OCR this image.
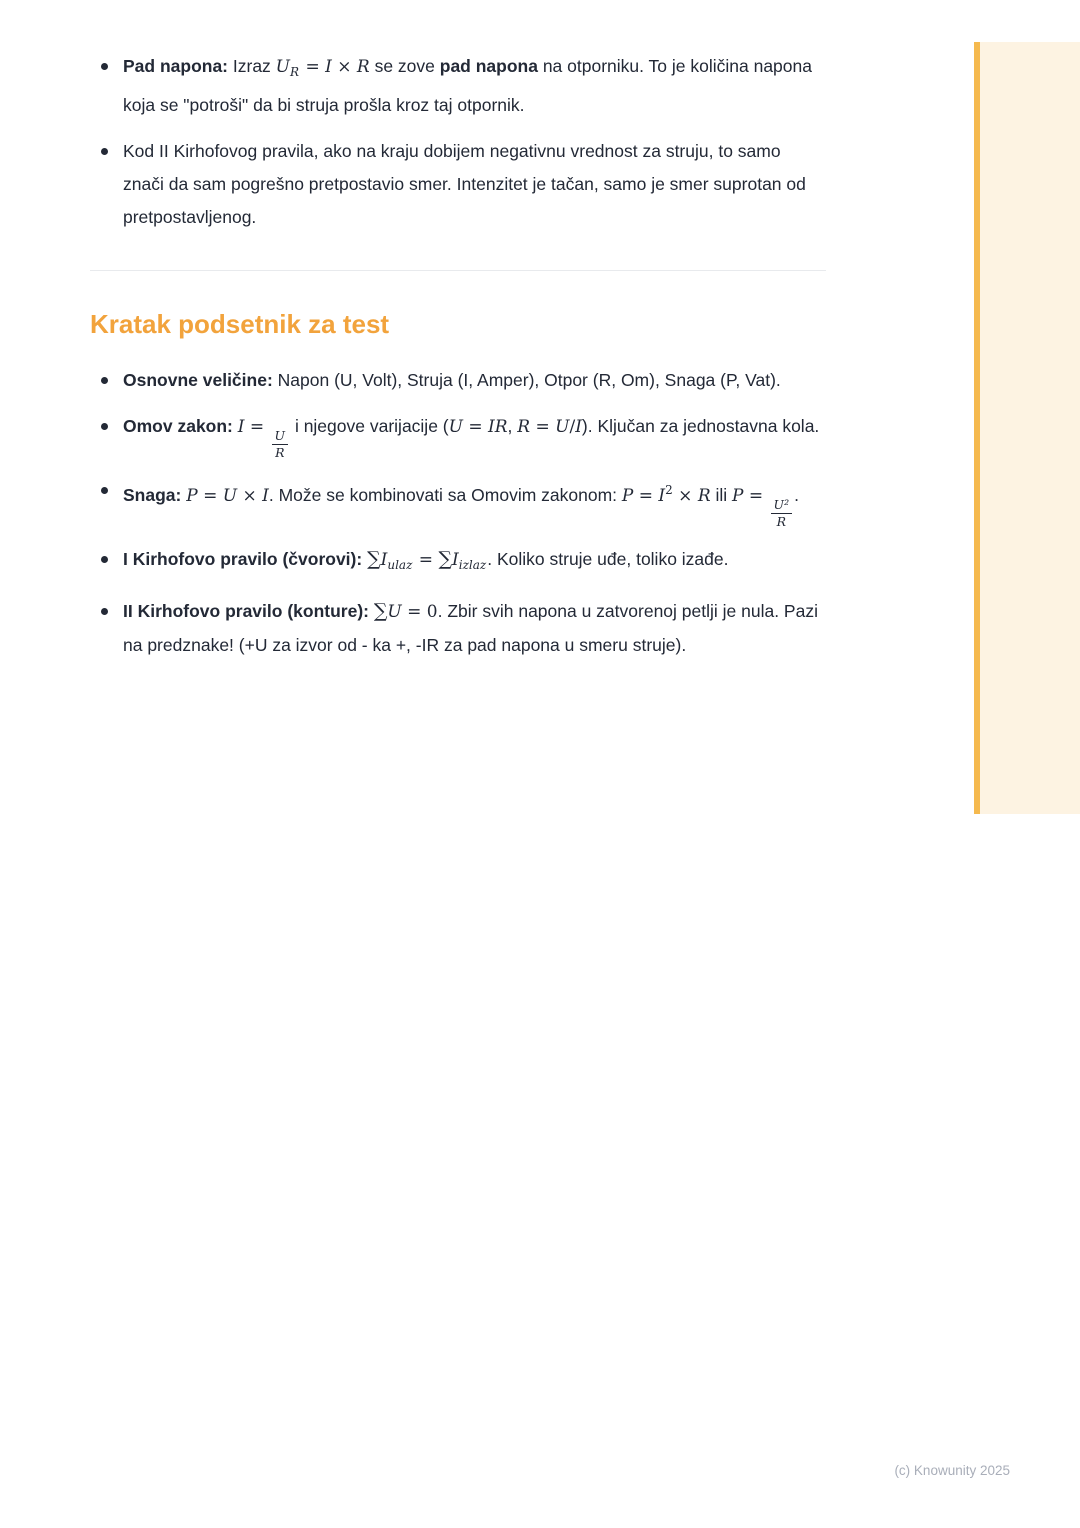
Pad napona: Izraz $U_R = I \times R$ se zove pad napona na otporniku. To je količina napona koja se "potroši" da bi struja prošla kroz taj otpornik.
Kod II Kirhofovog pravila, ako na kraju dobijem negativnu vrednost za struju, to samo znači da sam pogrešno pretpostavio smer. Intenzitet je tačan, samo je smer suprotan od pretpostavljenog.
Kratak podsetnik za test
Osnovne veličine: Napon (U, Volt), Struja (I, Amper), Otpor (R, Om), Snaga (P, Vat).
Omov zakon: I =
$\frac{U}{R}$
i njegove varijacije (U = IR, R = U/I). Ključan za jednostavna kola.
Snaga: P = U × I. Može se kombinovati sa Omovim zakonom: $P = I^2 \times R$ ili P =
$\frac{\text{U²}}{R}$
.
I Kirhofovo pravilo (čvorovi): $\sum I_{ulaz} = \sum I_{izlaz}$. Koliko struje uđe, toliko izađe.
II Kirhofovo pravilo (konture): ∑U = 0. Zbir svih napona u zatvorenoj petlji je nula. Pazi na predznake! (+U za izvor od - ka +, -IR za pad napona u smeru struje).
(c) Knowunity 2025
